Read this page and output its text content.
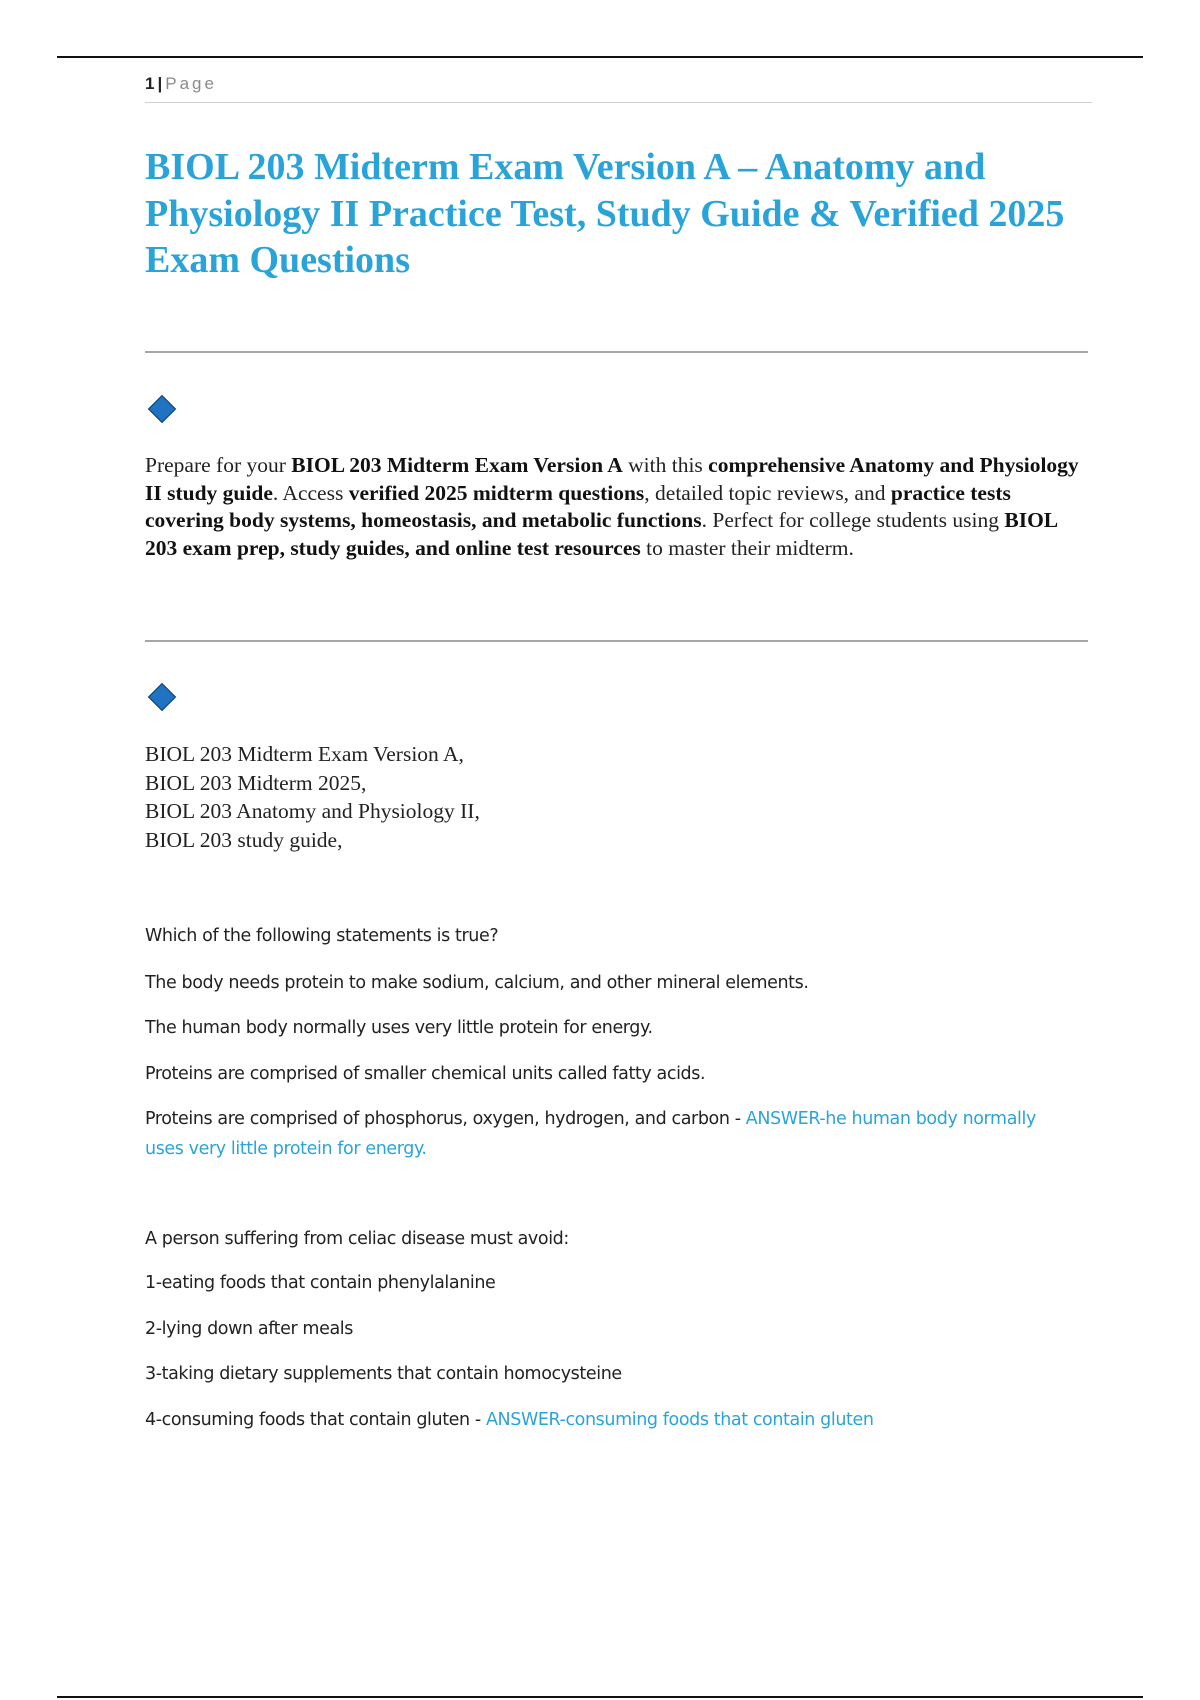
1 | Page
BIOL 203 Midterm Exam Version A – Anatomy and Physiology II Practice Test, Study Guide & Verified 2025 Exam Questions

Prepare for your BIOL 203 Midterm Exam Version A with this comprehensive Anatomy and Physiology II study guide. Access verified 2025 midterm questions, detailed topic reviews, and practice tests covering body systems, homeostasis, and metabolic functions. Perfect for college students using BIOL 203 exam prep, study guides, and online test resources to master their midterm.

BIOL 203 Midterm Exam Version A,
BIOL 203 Midterm 2025,
BIOL 203 Anatomy and Physiology II,
BIOL 203 study guide,
Which of the following statements is true?
The body needs protein to make sodium, calcium, and other mineral elements.
The human body normally uses very little protein for energy.
Proteins are comprised of smaller chemical units called fatty acids.
Proteins are comprised of phosphorus, oxygen, hydrogen, and carbon - ANSWER-he human body normally uses very little protein for energy.
A person suffering from celiac disease must avoid:
1-eating foods that contain phenylalanine
2-lying down after meals
3-taking dietary supplements that contain homocysteine
4-consuming foods that contain gluten - ANSWER-consuming foods that contain gluten
